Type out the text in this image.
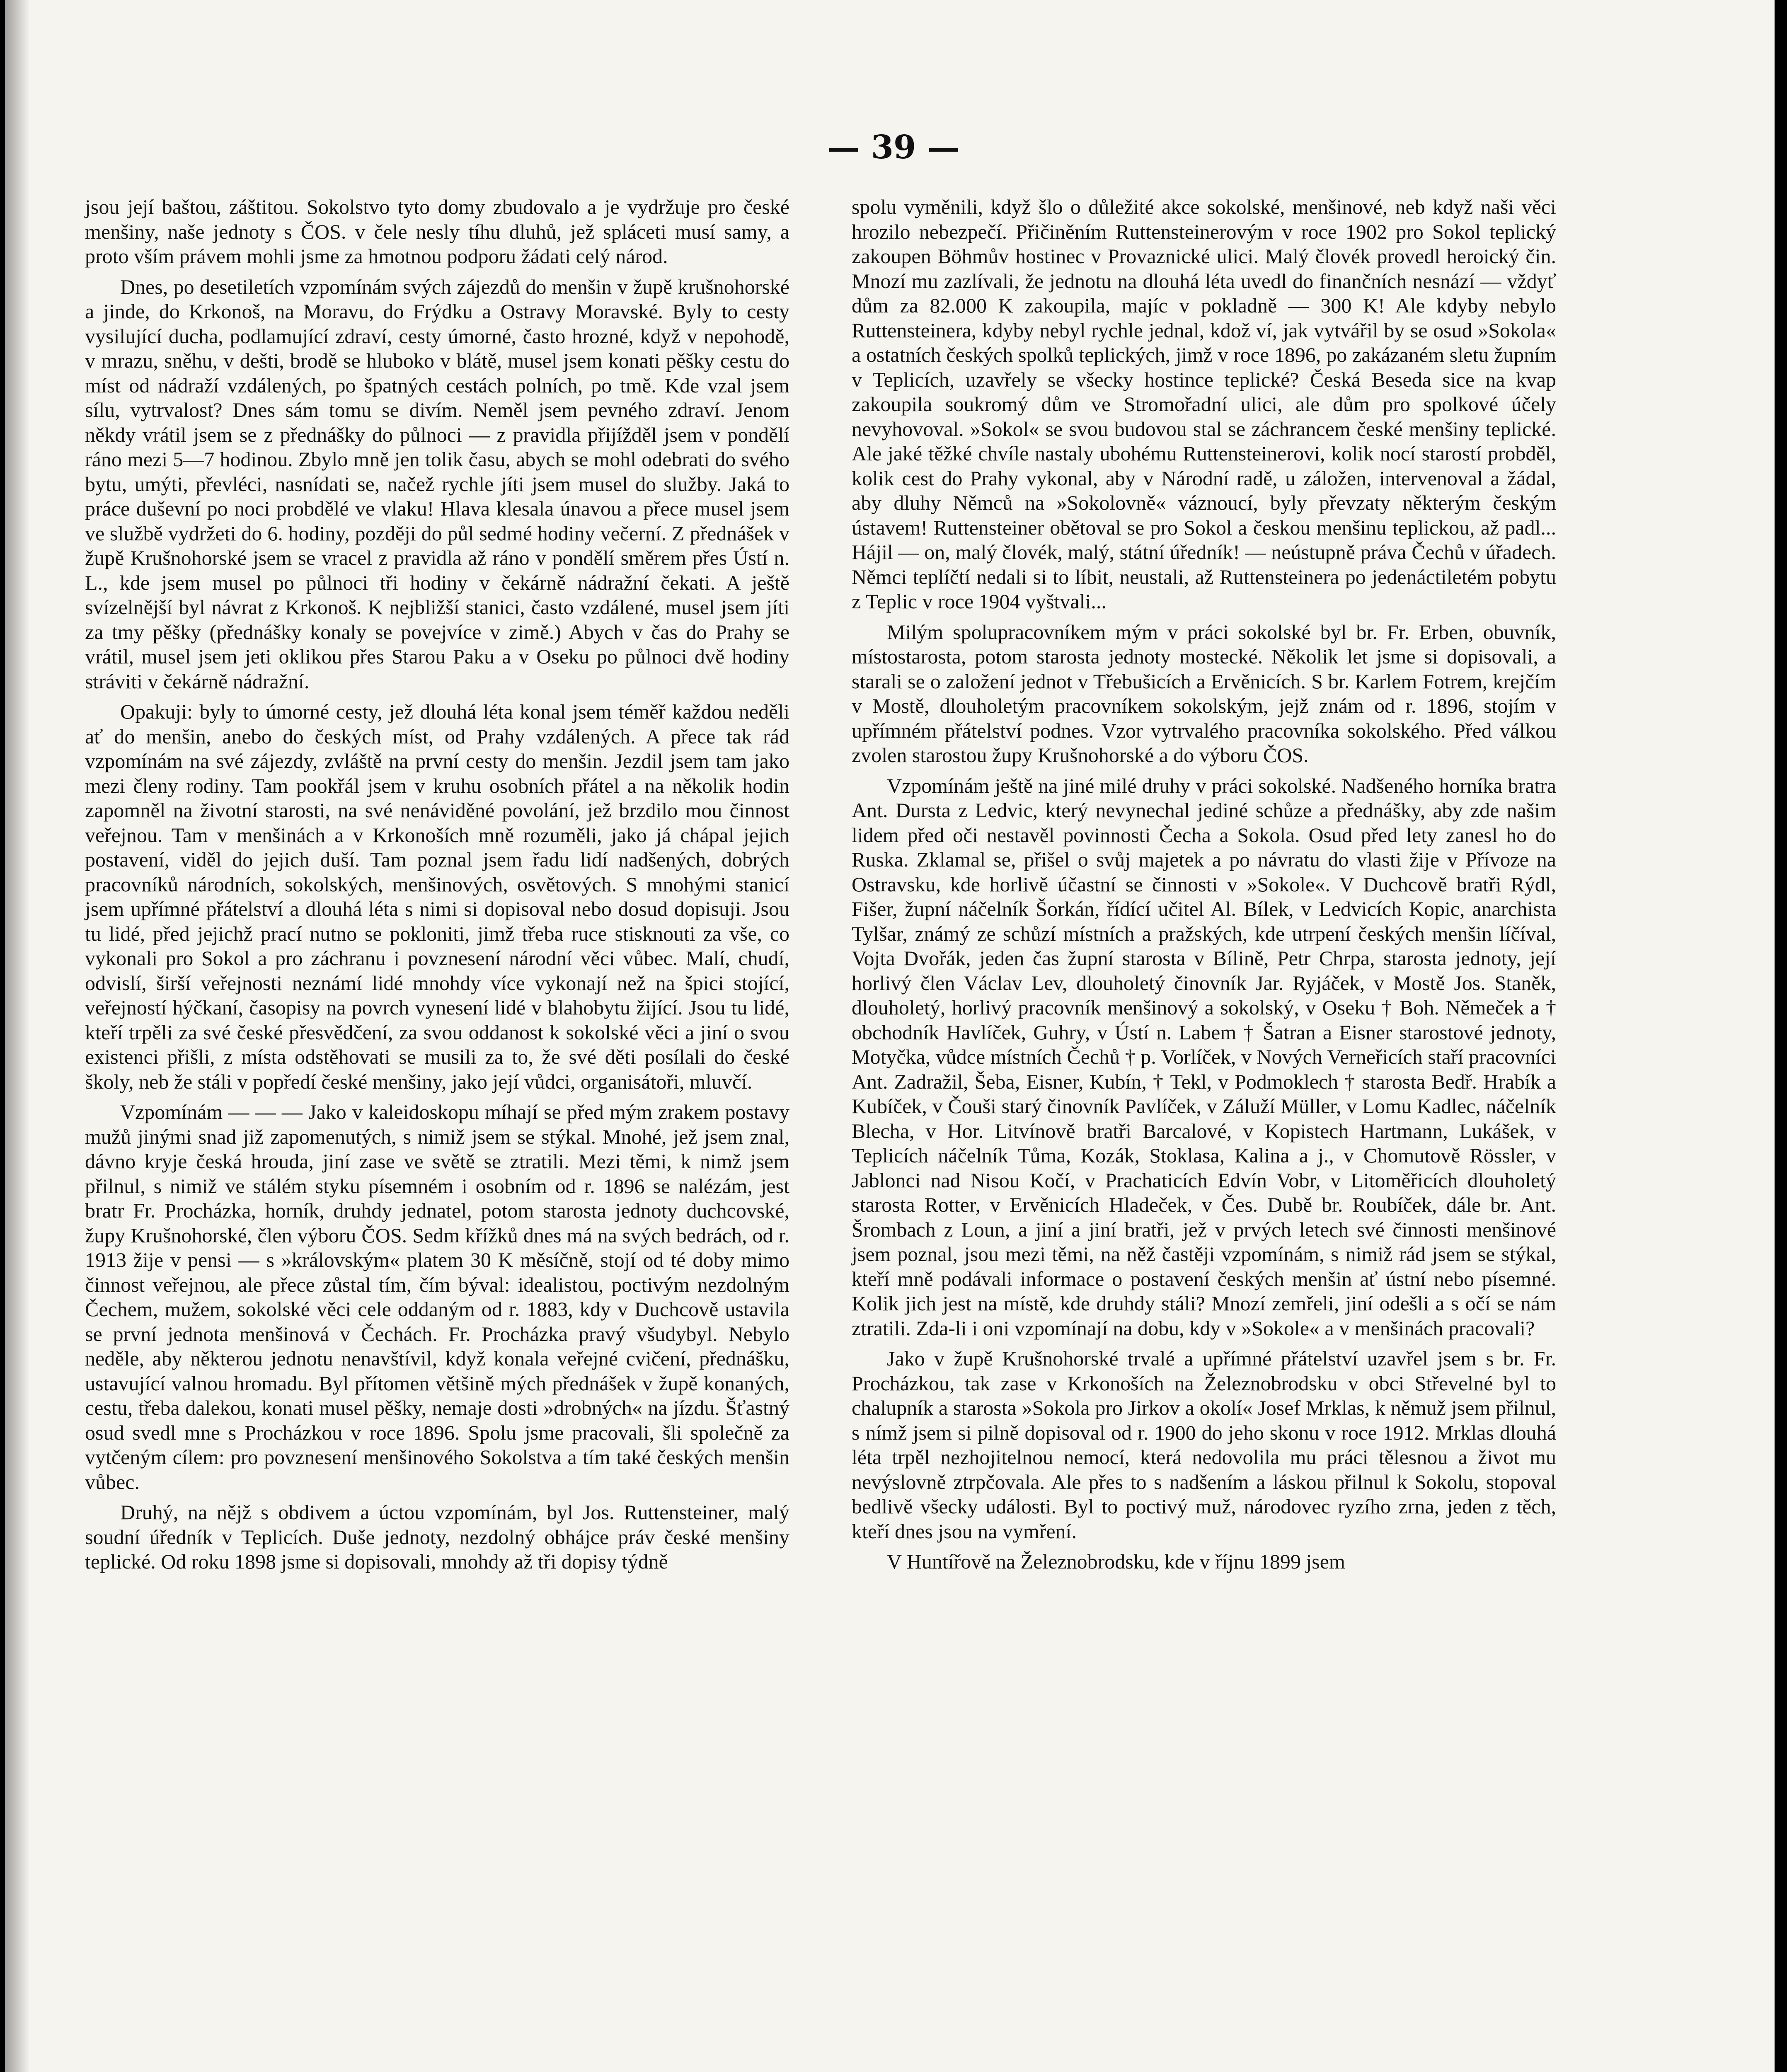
— 39 —

jsou její baštou, záštitou. Sokolstvo tyto domy zbudovalo a je vydržuje pro české menšiny, naše jednoty s ČOS. v čele nesly tíhu dluhů, jež spláceti musí samy, a proto vším právem mohli jsme za hmotnou podporu žádati celý národ.

Dnes, po desetiletích vzpomínám svých zájezdů do menšin v župě krušnohorské a jinde, do Krkonoš, na Moravu, do Frýdku a Ostravy Moravské. Byly to cesty vysilující ducha, podlamující zdraví, cesty úmorné, často hrozné, když v nepohodě, v mrazu, sněhu, v dešti, brodě se hluboko v blátě, musel jsem konati pěšky cestu do míst od nádraží vzdálených, po špatných cestách polních, po tmě. Kde vzal jsem sílu, vytrvalost? Dnes sám tomu se divím. Neměl jsem pevného zdraví. Jenom někdy vrátil jsem se z přednášky do půlnoci — z pravidla přijížděl jsem v pondělí ráno mezi 5—7 hodinou. Zbylo mně jen tolik času, abych se mohl odebrati do svého bytu, umýti, převléci, nasnídati se, načež rychle jíti jsem musel do služby. Jaká to práce duševní po noci probdělé ve vlaku! Hlava klesala únavou a přece musel jsem ve službě vydržeti do 6. hodiny, později do půl sedmé hodiny večerní. Z přednášek v župě Krušnohorské jsem se vracel z pravidla až ráno v pondělí směrem přes Ústí n. L., kde jsem musel po půlnoci tři hodiny v čekárně nádražní čekati. A ještě svízelnější byl návrat z Krkonoš. K nejbližší stanici, často vzdálené, musel jsem jíti za tmy pěšky (přednášky konaly se povejvíce v zimě.) Abych v čas do Prahy se vrátil, musel jsem jeti oklikou přes Starou Paku a v Oseku po půlnoci dvě hodiny stráviti v čekárně nádražní.

Opakuji: byly to úmorné cesty, jež dlouhá léta konal jsem téměř každou neděli ať do menšin, anebo do českých míst, od Prahy vzdálených. A přece tak rád vzpomínám na své zájezdy, zvláště na první cesty do menšin. Jezdil jsem tam jako mezi členy rodiny. Tam pookřál jsem v kruhu osobních přátel a na několik hodin zapomněl na životní starosti, na své nenáviděné povolání, jež brzdilo mou činnost veřejnou. Tam v menšinách a v Krkonoších mně rozuměli, jako já chápal jejich postavení, viděl do jejich duší. Tam poznal jsem řadu lidí nadšených, dobrých pracovníků národních, sokolských, menšinových, osvětových. S mnohými stanicí jsem upřímné přátelství a dlouhá léta s nimi si dopisoval nebo dosud dopisuji. Jsou tu lidé, před jejichž prací nutno se pokloniti, jimž třeba ruce stisknouti za vše, co vykonali pro Sokol a pro záchranu i povznesení národní věci vůbec. Malí, chudí, odvislí, širší veřejnosti neznámí lidé mnohdy více vykonají než na špici stojící, veřejností hýčkaní, časopisy na povrch vynesení lidé v blahobytu žijící. Jsou tu lidé, kteří trpěli za své české přesvědčení, za svou oddanost k sokolské věci a jiní o svou existenci přišli, z místa odstěhovati se musili za to, že své děti posílali do české školy, neb že stáli v popředí české menšiny, jako její vůdci, organisátoři, mluvčí.

Vzpomínám — — — Jako v kaleidoskopu míhají se před mým zrakem postavy mužů jinými snad již zapomenutých, s nimiž jsem se stýkal. Mnohé, jež jsem znal, dávno kryje česká hrouda, jiní zase ve světě se ztratili. Mezi těmi, k nimž jsem přilnul, s nimiž ve stálém styku písemném i osobním od r. 1896 se nalézám, jest bratr Fr. Procházka, horník, druhdy jednatel, potom starosta jednoty duchcovské, župy Krušnohorské, člen výboru ČOS. Sedm křížků dnes má na svých bedrách, od r. 1913 žije v pensi — s »královským« platem 30 K měsíčně, stojí od té doby mimo činnost veřejnou, ale přece zůstal tím, čím býval: idealistou, poctivým nezdolným Čechem, mužem, sokolské věci cele oddaným od r. 1883, kdy v Duchcově ustavila se první jednota menšinová v Čechách. Fr. Procházka pravý všudybyl. Nebylo neděle, aby některou jednotu nenavštívil, když konala veřejné cvičení, přednášku, ustavující valnou hromadu. Byl přítomen většině mých přednášek v župě konaných, cestu, třeba dalekou, konati musel pěšky, nemaje dosti »drobných« na jízdu. Šťastný osud svedl mne s Procházkou v roce 1896. Spolu jsme pracovali, šli společně za vytčeným cílem: pro povznesení menšinového Sokolstva a tím také českých menšin vůbec.

Druhý, na nějž s obdivem a úctou vzpomínám, byl Jos. Ruttensteiner, malý soudní úředník v Teplicích. Duše jednoty, nezdolný obhájce práv české menšiny teplické. Od roku 1898 jsme si dopisovali, mnohdy až tři dopisy týdně

spolu vyměnili, když šlo o důležité akce sokolské, menšinové, neb když naši věci hrozilo nebezpečí. Přičiněním Ruttensteinerovým v roce 1902 pro Sokol teplický zakoupen Böhmův hostinec v Provaznické ulici. Malý človék provedl heroický čin. Mnozí mu zazlívali, že jednotu na dlouhá léta uvedl do finančních nesnází — vždyť dům za 82.000 K zakoupila, majíc v pokladně — 300 K! Ale kdyby nebylo Ruttensteinera, kdyby nebyl rychle jednal, kdož ví, jak vytvářil by se osud »Sokola« a ostatních českých spolků teplických, jimž v roce 1896, po zakázaném sletu župním v Teplicích, uzavřely se všecky hostince teplické? Česká Beseda sice na kvap zakoupila soukromý dům ve Stromořadní ulici, ale dům pro spolkové účely nevyhovoval. »Sokol« se svou budovou stal se záchrancem české menšiny teplické. Ale jaké těžké chvíle nastaly ubohému Ruttensteinerovi, kolik nocí starostí probděl, kolik cest do Prahy vykonal, aby v Národní radě, u záložen, intervenoval a žádal, aby dluhy Němců na »Sokolovně« váznoucí, byly převzaty některým českým ústavem! Ruttensteiner obětoval se pro Sokol a českou menšinu teplickou, až padl... Hájil — on, malý človék, malý, státní úředník! — neústupně práva Čechů v úřadech. Němci teplíčtí nedali si to líbit, neustali, až Ruttensteinera po jedenáctiletém pobytu z Teplic v roce 1904 vyštvali...

Milým spolupracovníkem mým v práci sokolské byl br. Fr. Erben, obuvník, místostarosta, potom starosta jednoty mostecké. Několik let jsme si dopisovali, a starali se o založení jednot v Třebušicích a Ervěnicích. S br. Karlem Fotrem, krejčím v Mostě, dlouholetým pracovníkem sokolským, jejž znám od r. 1896, stojím v upřímném přátelství podnes. Vzor vytrvalého pracovníka sokolského. Před válkou zvolen starostou župy Krušnohorské a do výboru ČOS.

Vzpomínám ještě na jiné milé druhy v práci sokolské. Nadšeného horníka bratra Ant. Dursta z Ledvic, který nevynechal jediné schůze a přednášky, aby zde našim lidem před oči nestavěl povinnosti Čecha a Sokola. Osud před lety zanesl ho do Ruska. Zklamal se, přišel o svůj majetek a po návratu do vlasti žije v Přívoze na Ostravsku, kde horlivě účastní se činnosti v »Sokole«. V Duchcově bratři Rýdl, Fišer, župní náčelník Šorkán, řídící učitel Al. Bílek, v Ledvicích Kopic, anarchista Tylšar, známý ze schůzí místních a pražských, kde utrpení českých menšin líčíval, Vojta Dvořák, jeden čas župní starosta v Bílině, Petr Chrpa, starosta jednoty, její horlivý člen Václav Lev, dlouholetý činovník Jar. Ryjáček, v Mostě Jos. Staněk, dlouholetý, horlivý pracovník menšinový a sokolský, v Oseku † Boh. Němeček a † obchodník Havlíček, Guhry, v Ústí n. Labem † Šatran a Eisner starostové jednoty, Motyčka, vůdce místních Čechů † p. Vorlíček, v Nových Verneřicích staří pracovníci Ant. Zadražil, Šeba, Eisner, Kubín, † Tekl, v Podmoklech † starosta Bedř. Hrabík a Kubíček, v Čouši starý činovník Pavlíček, v Záluží Müller, v Lomu Kadlec, náčelník Blecha, v Hor. Litvínově bratři Barcalové, v Kopistech Hartmann, Lukášek, v Teplicích náčelník Tůma, Kozák, Stoklasa, Kalina a j., v Chomutově Rössler, v Jablonci nad Nisou Kočí, v Prachaticích Edvín Vobr, v Litoměřicích dlouholetý starosta Rotter, v Ervěnicích Hladeček, v Čes. Dubě br. Roubíček, dále br. Ant. Šrombach z Loun, a jiní a jiní bratři, jež v prvých letech své činnosti menšinové jsem poznal, jsou mezi těmi, na něž častěji vzpomínám, s nimiž rád jsem se stýkal, kteří mně podávali informace o postavení českých menšin ať ústní nebo písemné. Kolik jich jest na místě, kde druhdy stáli? Mnozí zemřeli, jiní odešli a s očí se nám ztratili. Zda-li i oni vzpomínají na dobu, kdy v »Sokole« a v menšinách pracovali?

Jako v župě Krušnohorské trvalé a upřímné přátelství uzavřel jsem s br. Fr. Procházkou, tak zase v Krkonoších na Železnobrodsku v obci Střevelné byl to chalupník a starosta »Sokola pro Jirkov a okolí« Josef Mrklas, k němuž jsem přilnul, s nímž jsem si pilně dopisoval od r. 1900 do jeho skonu v roce 1912. Mrklas dlouhá léta trpěl nezhojitelnou nemocí, která nedovolila mu práci tělesnou a život mu nevýslovně ztrpčovala. Ale přes to s nadšením a láskou přilnul k Sokolu, stopoval bedlivě všecky události. Byl to poctivý muž, národovec ryzího zrna, jeden z těch, kteří dnes jsou na vymření.

V Huntířově na Železnobrodsku, kde v říjnu 1899 jsem
